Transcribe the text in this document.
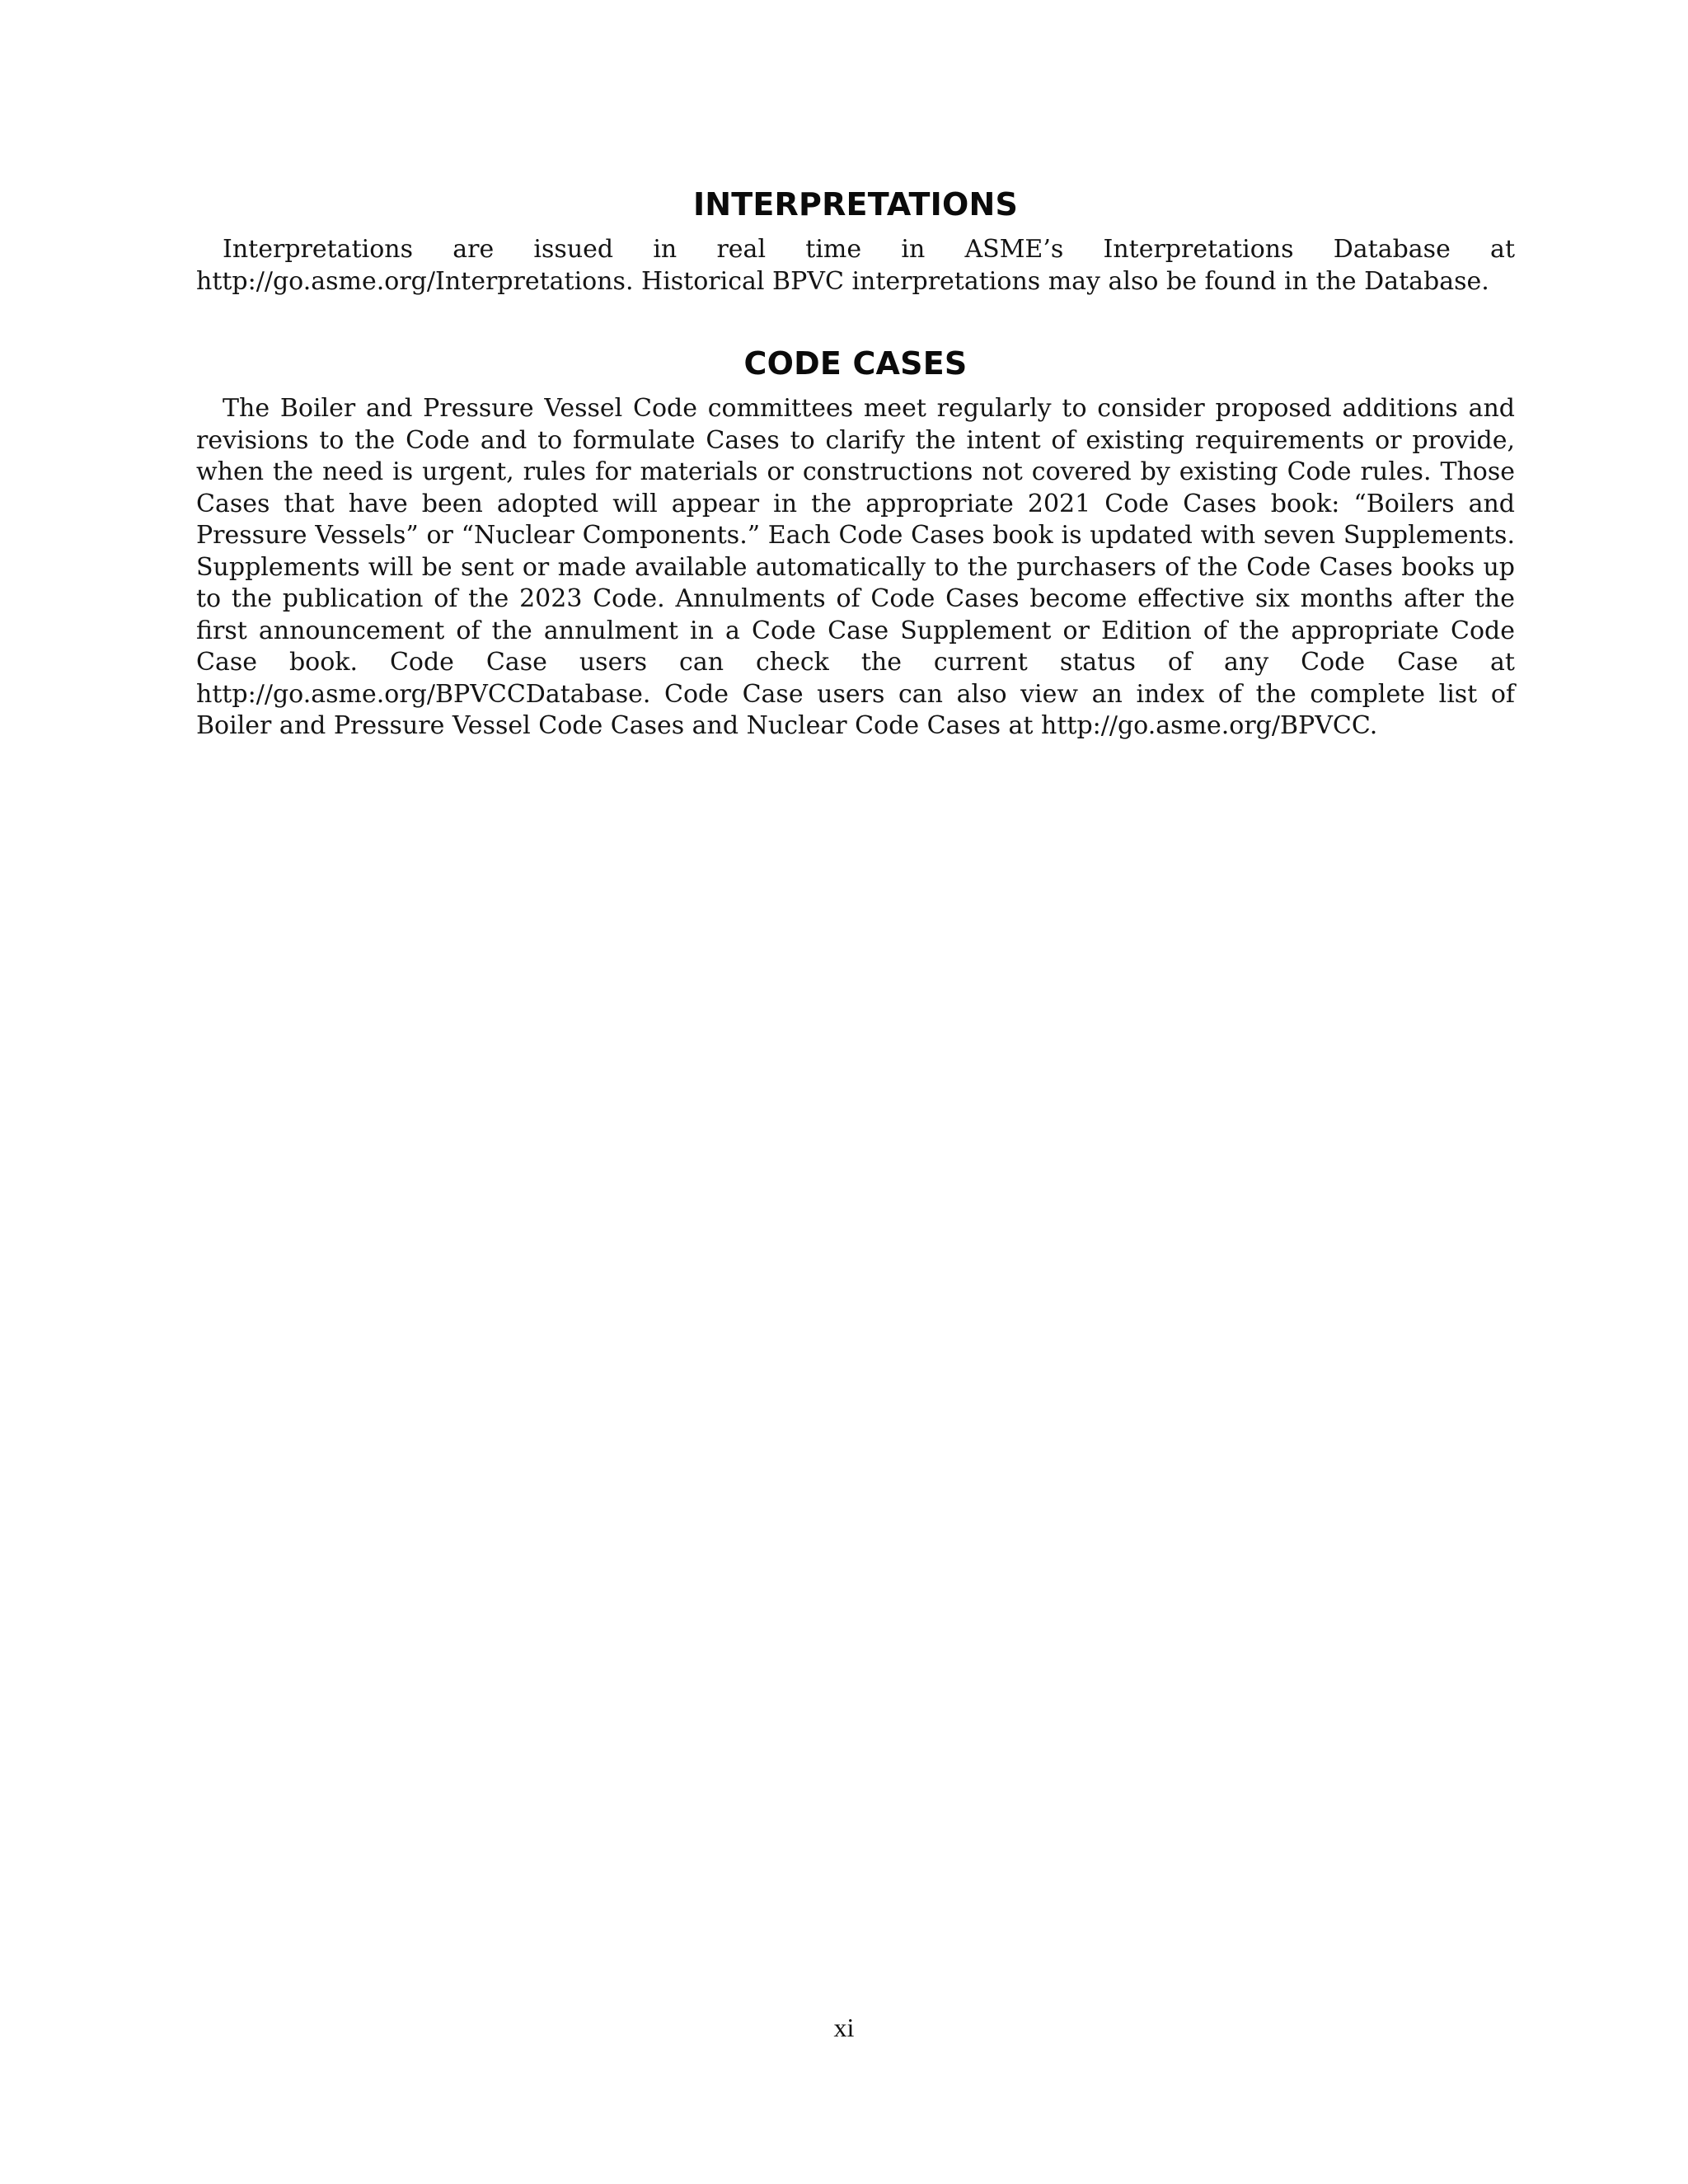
INTERPRETATIONS

Interpretations are issued in real time in ASME’s Interpretations Database at http://go.asme.org/Interpretations. Historical BPVC interpretations may also be found in the Database.

CODE CASES

The Boiler and Pressure Vessel Code committees meet regularly to consider proposed additions and revisions to the Code and to formulate Cases to clarify the intent of existing requirements or provide, when the need is urgent, rules for materials or constructions not covered by existing Code rules. Those Cases that have been adopted will appear in the appropriate 2021 Code Cases book: “Boilers and Pressure Vessels” or “Nuclear Components.” Each Code Cases book is updated with seven Supplements. Supplements will be sent or made available automatically to the purchasers of the Code Cases books up to the publication of the 2023 Code. Annulments of Code Cases become effective six months after the first announcement of the annulment in a Code Case Supplement or Edition of the appropriate Code Case book. Code Case users can check the current status of any Code Case at http://go.asme.org/BPVCCDatabase. Code Case users can also view an index of the complete list of Boiler and Pressure Vessel Code Cases and Nuclear Code Cases at http://go.asme.org/BPVCC.

xi
